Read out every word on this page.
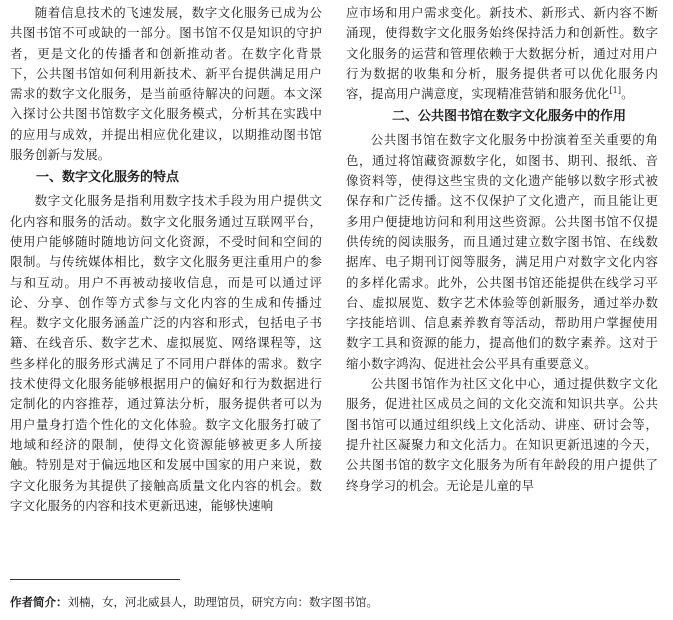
随着信息技术的飞速发展，数字文化服务已成为公共图书馆不可或缺的一部分。图书馆不仅是知识的守护者，更是文化的传播者和创新推动者。在数字化背景下，公共图书馆如何利用新技术、新平台提供满足用户需求的数字文化服务，是当前亟待解决的问题。本文深入探讨公共图书馆数字文化服务模式，分析其在实践中的应用与成效，并提出相应优化建议，以期推动图书馆服务创新与发展。

一、数字文化服务的特点

数字文化服务是指利用数字技术手段为用户提供文化内容和服务的活动。数字文化服务通过互联网平台，使用户能够随时随地访问文化资源，不受时间和空间的限制。与传统媒体相比，数字文化服务更注重用户的参与和互动。用户不再被动接收信息，而是可以通过评论、分享、创作等方式参与文化内容的生成和传播过程。数字文化服务涵盖广泛的内容和形式，包括电子书籍、在线音乐、数字艺术、虚拟展览、网络课程等，这些多样化的服务形式满足了不同用户群体的需求。数字技术使得文化服务能够根据用户的偏好和行为数据进行定制化的内容推荐，通过算法分析，服务提供者可以为用户量身打造个性化的文化体验。数字文化服务打破了地域和经济的限制，使得文化资源能够被更多人所接触。特别是对于偏远地区和发展中国家的用户来说，数字文化服务为其提供了接触高质量文化内容的机会。数字文化服务的内容和技术更新迅速，能够快速响

应市场和用户需求变化。新技术、新形式、新内容不断涌现，使得数字文化服务始终保持活力和创新性。数字文化服务的运营和管理依赖于大数据分析，通过对用户行为数据的收集和分析，服务提供者可以优化服务内容，提高用户满意度，实现精准营销和服务优化[1]。

二、公共图书馆在数字文化服务中的作用

公共图书馆在数字文化服务中扮演着至关重要的角色，通过将馆藏资源数字化，如图书、期刊、报纸、音像资料等，使得这些宝贵的文化遗产能够以数字形式被保存和广泛传播。这不仅保护了文化遗产，而且能让更多用户便捷地访问和利用这些资源。公共图书馆不仅提供传统的阅读服务，而且通过建立数字图书馆、在线数据库、电子期刊订阅等服务，满足用户对数字文化内容的多样化需求。此外，公共图书馆还能提供在线学习平台、虚拟展览、数字艺术体验等创新服务，通过举办数字技能培训、信息素养教育等活动，帮助用户掌握使用数字工具和资源的能力，提高他们的数字素养。这对于缩小数字鸿沟、促进社会公平具有重要意义。

公共图书馆作为社区文化中心，通过提供数字文化服务，促进社区成员之间的文化交流和知识共享。公共图书馆可以通过组织线上文化活动、讲座、研讨会等，提升社区凝聚力和文化活力。在知识更新迅速的今天，公共图书馆的数字文化服务为所有年龄段的用户提供了终身学习的机会。无论是儿童的早

作者简介：刘楠，女，河北威县人，助理馆员，研究方向：数字图书馆。
